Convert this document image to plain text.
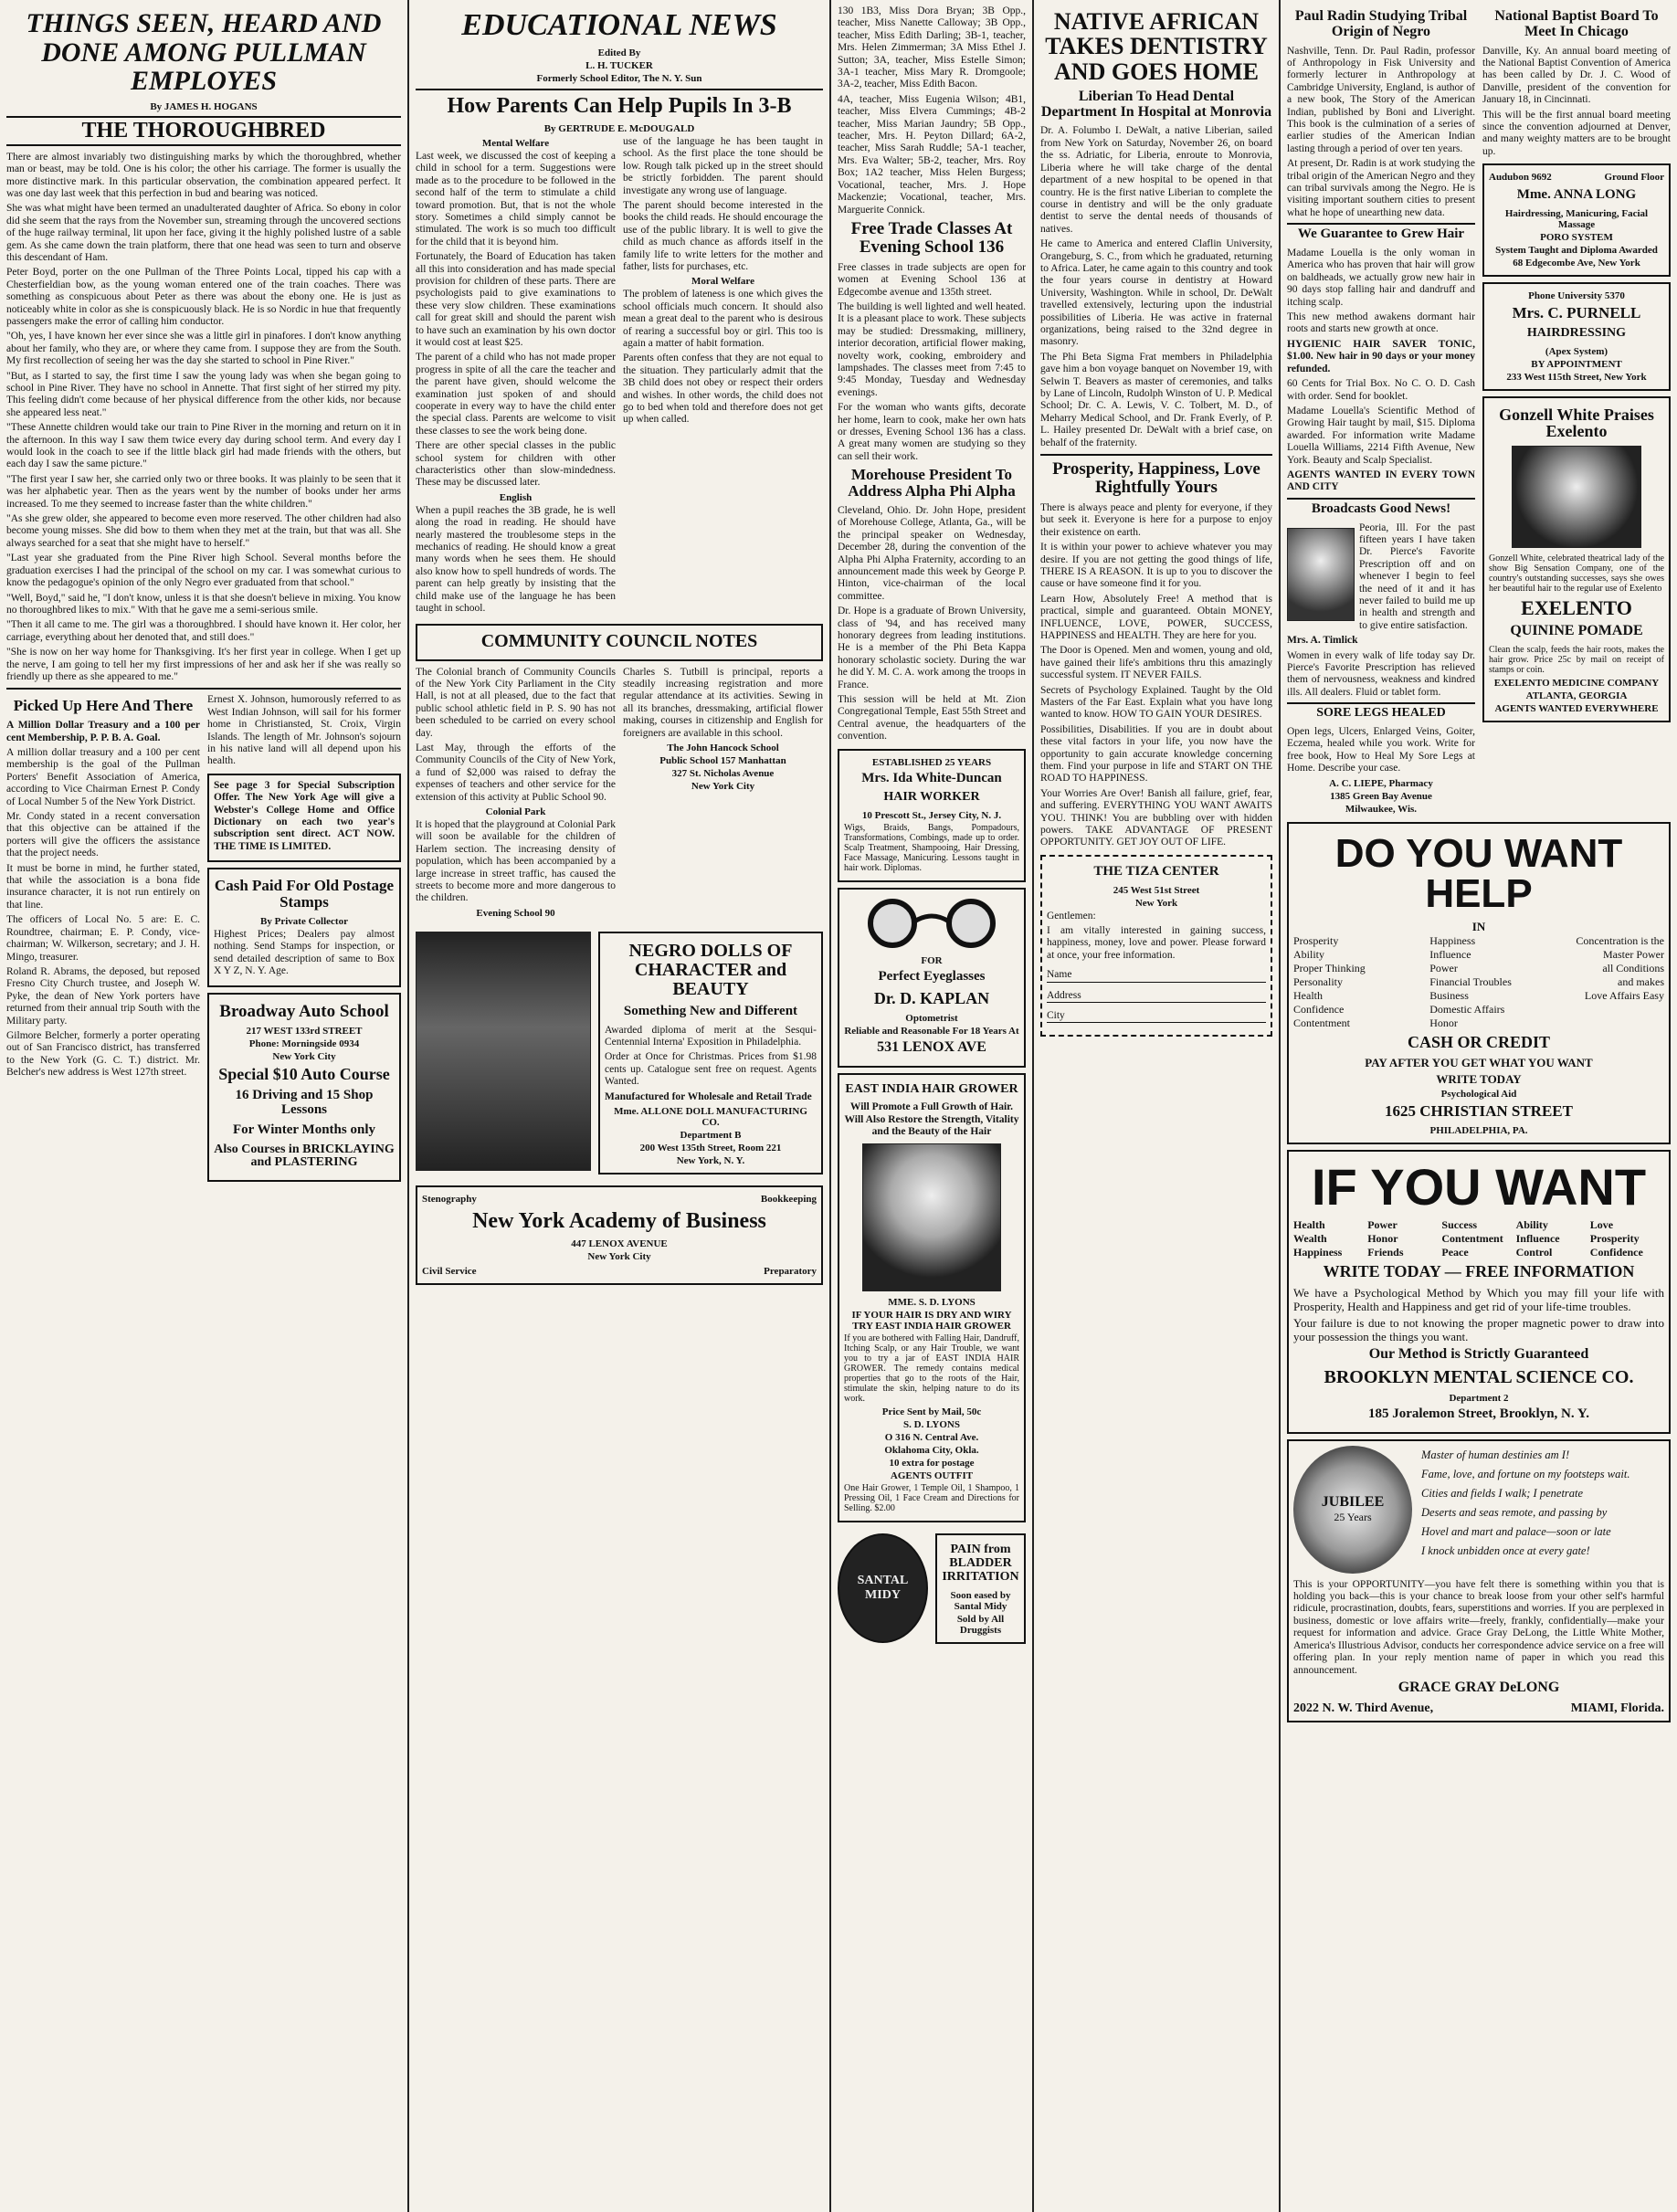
THINGS SEEN, HEARD AND DONE AMONG PULLMAN EMPLOYES
By JAMES H. HOGANS
THE THOROUGHBRED

There are almost invariably two distinguishing marks by which the thoroughbred, whether man or beast, may be told. One is his color; the other his carriage. The former is usually the more distinctive mark. In this particular observation, the combination appeared perfect. It was one day last week that this perfection in bud and bearing was noticed.

She was what might have been termed an unadulterated daughter of Africa. So ebony in color did she seem that the rays from the November sun, streaming through the uncovered sections of the huge railway terminal, lit upon her face, giving it the highly polished lustre of a sable gem. As she came down the train platform, there that one head was seen to turn and observe this descendant of Ham.

Peter Boyd, porter on the one Pullman of the Three Points Local, tipped his cap with a Chesterfieldian bow, as the young woman entered one of the train coaches. There was something as conspicuous about Peter as there was about the ebony one. He is just as noticeably white in color as she is conspicuously black. He is so Nordic in hue that frequently passengers make the error of calling him conductor.

"Oh, yes, I have known her ever since she was a little girl in pinafores. I don't know anything about her family, who they are, or where they came from. I suppose they are from the South. My first recollection of seeing her was the day she started to school in Pine River."

"But, as I started to say, the first time I saw the young lady was when she began going to school in Pine River. They have no school in Annette. That first sight of her stirred my pity. This feeling didn't come because of her physical difference from the other kids, nor because she appeared less neat."

"These Annette children would take our train to Pine River in the morning and return on it in the afternoon. In this way I saw them twice every day during school term. And every day I would look in the coach to see if the little black girl had made friends with the others, but each day I saw the same picture."

"The first year I saw her, she carried only two or three books. It was plainly to be seen that it was her alphabetic year. Then as the years went by the number of books under her arms increased. To me they seemed to increase faster than the white children."

"As she grew older, she appeared to become even more reserved. The other children had also become young misses. She did bow to them when they met at the train, but that was all. She always searched for a seat that she might have to herself."

"Last year she graduated from the Pine River high School. Several months before the graduation exercises I had the principal of the school on my car. I was somewhat curious to know the pedagogue's opinion of the only Negro ever graduated from that school."

"Well, Boyd," said he, "I don't know, unless it is that she doesn't believe in mixing. You know no thoroughbred likes to mix." With that he gave me a semi-serious smile.

"Then it all came to me. The girl was a thoroughbred. I should have known it. Her color, her carriage, everything about her denoted that, and still does."

"She is now on her way home for Thanksgiving. It's her first year in college. When I get up the nerve, I am going to tell her my first impressions of her and ask her if she was really so friendly up there as she appeared to me."

Picked Up Here And There

A Million Dollar Treasury and a 100 per cent Membership, P. P. B. A. Goal.

A million dollar treasury and a 100 per cent membership is the goal of the Pullman Porters' Benefit Association of America, according to Vice Chairman Ernest P. Condy of Local Number 5 of the New York District.

Mr. Condy stated in a recent conversation that this objective can be attained if the porters will give the officers the assistance that the project needs.

It must be borne in mind, he further stated, that while the association is a bona fide insurance character, it is not run entirely on that line.

The officers of Local No. 5 are: E. C. Roundtree, chairman; E. P. Condy, vice-chairman; W. Wilkerson, secretary; and J. H. Mingo, treasurer.

Roland R. Abrams, the deposed, but reposed Fresno City Church trustee, and Joseph W. Pyke, the dean of New York porters have returned from their annual trip South with the Military party.

Gilmore Belcher, formerly a porter operating out of San Francisco district, has transferred to the New York (G. C. T.) district. Mr. Belcher's new address is West 127th street.

Ernest X. Johnson, humorously referred to as West Indian Johnson, will sail for his former home in Christiansted, St. Croix, Virgin Islands. The length of Mr. Johnson's sojourn in his native land will all depend upon his health.

See page 3 for Special Subscription Offer. The New York Age will give a Webster's College Home and Office Dictionary on each two year's subscription sent direct. ACT NOW. THE TIME IS LIMITED.

Cash Paid For Old Postage Stamps
By Private Collector

Highest Prices; Dealers pay almost nothing. Send Stamps for inspection, or send detailed description of same to Box X Y Z, N. Y. Age.

Broadway Auto School
217 WEST 133rd STREET
Phone: Morningside 0934
New York City
Special $10 Auto Course
16 Driving and 15 Shop Lessons
For Winter Months only
Also Courses in BRICKLAYING and PLASTERING
EDUCATIONAL NEWS
Edited By
L. H. TUCKER
Formerly School Editor, The N. Y. Sun
How Parents Can Help Pupils In 3-B
By GERTRUDE E. McDOUGALD
Mental Welfare

Last week, we discussed the cost of keeping a child in school for a term. Suggestions were made as to the procedure to be followed in the second half of the term to stimulate a child toward promotion. But, that is not the whole story. Sometimes a child simply cannot be stimulated. The work is so much too difficult for the child that it is beyond him.

Fortunately, the Board of Education has taken all this into consideration and has made special provision for children of these parts. There are psychologists paid to give examinations to these very slow children. These examinations call for great skill and should the parent wish to have such an examination by his own doctor it would cost at least $25.

The parent of a child who has not made proper progress in spite of all the care the teacher and the parent have given, should welcome the examination just spoken of and should cooperate in every way to have the child enter the special class. Parents are welcome to visit these classes to see the work being done.

There are other special classes in the public school system for children with other characteristics other than slow-mindedness. These may be discussed later.

English

When a pupil reaches the 3B grade, he is well along the road in reading. He should have nearly mastered the troublesome steps in the mechanics of reading. He should know a great many words when he sees them. He should also know how to spell hundreds of words. The parent can help greatly by insisting that the child make use of the language he has been taught in school.

use of the language he has been taught in school. As the first place the tone should be low. Rough talk picked up in the street should be strictly forbidden. The parent should investigate any wrong use of language.

The parent should become interested in the books the child reads. He should encourage the use of the public library. It is well to give the child as much chance as affords itself in the family life to write letters for the mother and father, lists for purchases, etc.

Moral Welfare

The problem of lateness is one which gives the school officials much concern. It should also mean a great deal to the parent who is desirous of rearing a successful boy or girl. This too is again a matter of habit formation.

Parents often confess that they are not equal to the situation. They particularly admit that the 3B child does not obey or respect their orders and wishes. In other words, the child does not go to bed when told and therefore does not get up when called.

COMMUNITY COUNCIL NOTES

The Colonial branch of Community Councils of the New York City Parliament in the City Hall, is not at all pleased, due to the fact that public school athletic field in P. S. 90 has not been scheduled to be carried on every school day.

Last May, through the efforts of the Community Councils of the City of New York, a fund of $2,000 was raised to defray the expenses of teachers and other service for the extension of this activity at Public School 90.

Colonial Park

It is hoped that the playground at Colonial Park will soon be available for the children of Harlem section. The increasing density of population, which has been accompanied by a large increase in street traffic, has caused the streets to become more and more dangerous to the children.

Evening School 90

Charles S. Tutbill is principal, reports a steadily increasing registration and more regular attendance at its activities. Sewing in all its branches, dressmaking, artificial flower making, courses in citizenship and English for foreigners are available in this school.

The John Hancock School
Public School 157 Manhattan
327 St. Nicholas Avenue
New York City
NEGRO DOLLS OF CHARACTER and BEAUTY
Something New and Different

Awarded diploma of merit at the Sesqui-Centennial Interna' Exposition in Philadelphia.

Order at Once for Christmas. Prices from $1.98 cents up. Catalogue sent free on request. Agents Wanted.

Manufactured for Wholesale and Retail Trade

Mme. ALLONE DOLL MANUFACTURING CO.
Department B
200 West 135th Street, Room 221
New York, N. Y.
Stenography	Bookkeeping
New York Academy of Business
447 LENOX AVENUE
New York City
Civil Service	Preparatory

130 1B3, Miss Dora Bryan; 3B Opp., teacher, Miss Nanette Calloway; 3B Opp., teacher, Miss Edith Darling; 3B-1, teacher, Mrs. Helen Zimmerman; 3A Miss Ethel J. Sutton; 3A, teacher, Miss Estelle Simon; 3A-1 teacher, Miss Mary R. Dromgoole; 3A-2, teacher, Miss Edith Bacon.

4A, teacher, Miss Eugenia Wilson; 4B1, teacher, Miss Elvera Cummings; 4B-2 teacher, Miss Marian Jaundry; 5B Opp., teacher, Mrs. H. Peyton Dillard; 6A-2, teacher, Miss Sarah Ruddle; 5A-1 teacher, Mrs. Eva Walter; 5B-2, teacher, Mrs. Roy Box; 1A2 teacher, Miss Helen Burgess; Vocational, teacher, Mrs. J. Hope Mackenzie; Vocational, teacher, Mrs. Marguerite Connick.

Free Trade Classes At Evening School 136

Free classes in trade subjects are open for women at Evening School 136 at Edgecombe avenue and 135th street.

The building is well lighted and well heated. It is a pleasant place to work. These subjects may be studied: Dressmaking, millinery, interior decoration, artificial flower making, novelty work, cooking, embroidery and lampshades. The classes meet from 7:45 to 9:45 Monday, Tuesday and Wednesday evenings.

For the woman who wants gifts, decorate her home, learn to cook, make her own hats or dresses, Evening School 136 has a class. A great many women are studying so they can sell their work.

Morehouse President To Address Alpha Phi Alpha

Cleveland, Ohio. Dr. John Hope, president of Morehouse College, Atlanta, Ga., will be the principal speaker on Wednesday, December 28, during the convention of the Alpha Phi Alpha Fraternity, according to an announcement made this week by George P. Hinton, vice-chairman of the local committee.

Dr. Hope is a graduate of Brown University, class of '94, and has received many honorary degrees from leading institutions. He is a member of the Phi Beta Kappa honorary scholastic society. During the war he did Y. M. C. A. work among the troops in France.

This session will be held at Mt. Zion Congregational Temple, East 55th Street and Central avenue, the headquarters of the convention.

ESTABLISHED 25 YEARS
Mrs. Ida White-Duncan
HAIR WORKER
10 Prescott St., Jersey City, N. J.

Wigs, Braids, Bangs, Pompadours, Transformations, Combings, made up to order. Scalp Treatment, Shampooing, Hair Dressing, Face Massage, Manicuring. Lessons taught in hair work. Diplomas.

FOR
Perfect Eyeglasses
Dr. D. KAPLAN
Optometrist
Reliable and Reasonable For 18 Years At
531 LENOX AVE
EAST INDIA HAIR GROWER

Will Promote a Full Growth of Hair. Will Also Restore the Strength, Vitality and the Beauty of the Hair

MME. S. D. LYONS
IF YOUR HAIR IS DRY AND WIRY TRY EAST INDIA HAIR GROWER

If you are bothered with Falling Hair, Dandruff, Itching Scalp, or any Hair Trouble, we want you to try a jar of EAST INDIA HAIR GROWER. The remedy contains medical properties that go to the roots of the Hair, stimulate the skin, helping nature to do its work.

Price Sent by Mail, 50c
S. D. LYONS
O 316 N. Central Ave.
Oklahoma City, Okla.
10 extra for postage
AGENTS OUTFIT

One Hair Grower, 1 Temple Oil, 1 Shampoo, 1 Pressing Oil, 1 Face Cream and Directions for Selling. $2.00

SANTAL MIDY
PAIN from BLADDER IRRITATION
Soon eased by Santal Midy
Sold by All Druggists
NATIVE AFRICAN TAKES DENTISTRY AND GOES HOME
Liberian To Head Dental Department In Hospital at Monrovia

Dr. A. Folumbo I. DeWalt, a native Liberian, sailed from New York on Saturday, November 26, on board the ss. Adriatic, for Liberia, enroute to Monrovia, Liberia where he will take charge of the dental department of a new hospital to be opened in that country. He is the first native Liberian to complete the course in dentistry and will be the only graduate dentist to serve the dental needs of thousands of natives.

He came to America and entered Claflin University, Orangeburg, S. C., from which he graduated, returning to Africa. Later, he came again to this country and took the four years course in dentistry at Howard University, Washington. While in school, Dr. DeWalt travelled extensively, lecturing upon the industrial possibilities of Liberia. He was active in fraternal organizations, being raised to the 32nd degree in masonry.

The Phi Beta Sigma Frat members in Philadelphia gave him a bon voyage banquet on November 19, with Selwin T. Beavers as master of ceremonies, and talks by Lane of Lincoln, Rudolph Winston of U. P. Medical School; Dr. C. A. Lewis, V. C. Tolbert, M. D., of Meharry Medical School, and Dr. Frank Everly, of P. L. Hailey presented Dr. DeWalt with a brief case, on behalf of the fraternity.

Prosperity, Happiness, Love Rightfully Yours

There is always peace and plenty for everyone, if they but seek it. Everyone is here for a purpose to enjoy their existence on earth.

It is within your power to achieve whatever you may desire. If you are not getting the good things of life, THERE IS A REASON. It is up to you to discover the cause or have someone find it for you.

Learn How, Absolutely Free! A method that is practical, simple and guaranteed. Obtain MONEY, INFLUENCE, LOVE, POWER, SUCCESS, HAPPINESS and HEALTH. They are here for you.

The Door is Opened. Men and women, young and old, have gained their life's ambitions thru this amazingly successful system. IT NEVER FAILS.

Secrets of Psychology Explained. Taught by the Old Masters of the Far East. Explain what you have long wanted to know. HOW TO GAIN YOUR DESIRES.

Possibilities, Disabilities. If you are in doubt about these vital factors in your life, you now have the opportunity to gain accurate knowledge concerning them. Find your purpose in life and START ON THE ROAD TO HAPPINESS.

Your Worries Are Over! Banish all failure, grief, fear, and suffering. EVERYTHING YOU WANT AWAITS YOU. THINK! You are bubbling over with hidden powers. TAKE ADVANTAGE OF PRESENT OPPORTUNITY. GET JOY OUT OF LIFE.

THE TIZA CENTER
245 West 51st Street
New York

Gentlemen:

I am vitally interested in gaining success, happiness, money, love and power. Please forward at once, your free information.

Name
Address
City
Paul Radin Studying Tribal Origin of Negro

Nashville, Tenn. Dr. Paul Radin, professor of Anthropology in Fisk University and formerly lecturer in Anthropology at Cambridge University, England, is author of a new book, The Story of the American Indian, published by Boni and Liveright. This book is the culmination of a series of earlier studies of the American Indian lasting through a period of over ten years.

At present, Dr. Radin is at work studying the tribal origin of the American Negro and they can tribal survivals among the Negro. He is visiting important southern cities to present what he hope of unearthing new data.

We Guarantee to Grew Hair

Madame Louella is the only woman in America who has proven that hair will grow on baldheads, we actually grow new hair in 90 days stop falling hair and dandruff and itching scalp.

This new method awakens dormant hair roots and starts new growth at once.

HYGIENIC HAIR SAVER TONIC, $1.00. New hair in 90 days or your money refunded.

60 Cents for Trial Box. No C. O. D. Cash with order. Send for booklet.

Madame Louella's Scientific Method of Growing Hair taught by mail, $15. Diploma awarded. For information write Madame Louella Williams, 2214 Fifth Avenue, New York. Beauty and Scalp Specialist.

AGENTS WANTED IN EVERY TOWN AND CITY

Broadcasts Good News!

Peoria, Ill. For the past fifteen years I have taken Dr. Pierce's Favorite Prescription off and on whenever I begin to feel the need of it and it has never failed to build me up in health and strength and to give entire satisfaction.

Mrs. A. Timlick

Women in every walk of life today say Dr. Pierce's Favorite Prescription has relieved them of nervousness, weakness and kindred ills. All dealers. Fluid or tablet form.

SORE LEGS HEALED

Open legs, Ulcers, Enlarged Veins, Goiter, Eczema, healed while you work. Write for free book, How to Heal My Sore Legs at Home. Describe your case.

A. C. LIEPE, Pharmacy
1385 Green Bay Avenue
Milwaukee, Wis.
National Baptist Board To Meet In Chicago

Danville, Ky. An annual board meeting of the National Baptist Convention of America has been called by Dr. J. C. Wood of Danville, president of the convention for January 18, in Cincinnati.

This will be the first annual board meeting since the convention adjourned at Denver, and many weighty matters are to be brought up.

Audubon 9692	Ground Floor
Mme. ANNA LONG
Hairdressing, Manicuring, Facial Massage
PORO SYSTEM
System Taught and Diploma Awarded
68 Edgecombe Ave, New York
Phone University 5370
Mrs. C. PURNELL
HAIRDRESSING
(Apex System)
BY APPOINTMENT
233 West 115th Street, New York
Gonzell White Praises Exelento

Gonzell White, celebrated theatrical lady of the show Big Sensation Company, one of the country's outstanding successes, says she owes her beautiful hair to the regular use of Exelento

EXELENTO
QUININE POMADE

Clean the scalp, feeds the hair roots, makes the hair grow. Price 25c by mail on receipt of stamps or coin.

EXELENTO MEDICINE COMPANY
ATLANTA, GEORGIA
AGENTS WANTED EVERYWHERE
DO YOU WANT HELP
IN
Prosperity
Ability
Proper Thinking
Personality
Health
Confidence
Contentment
Happiness
Influence
Power
Financial Troubles
Business
Domestic Affairs
Honor
Concentration is the
Master Power
all Conditions
and makes
Love Affairs Easy
CASH OR CREDIT
PAY AFTER YOU GET WHAT YOU WANT
WRITE TODAY
Psychological Aid
1625 CHRISTIAN STREET
PHILADELPHIA, PA.
IF YOU WANT
Health	Power	Success	Ability	Love
Wealth	Honor	Contentment	Influence	Prosperity
Happiness	Friends	Peace	Control	Confidence
WRITE TODAY — FREE INFORMATION

We have a Psychological Method by Which you may fill your life with Prosperity, Health and Happiness and get rid of your life-time troubles.

Your failure is due to not knowing the proper magnetic power to draw into your possession the things you want.

Our Method is Strictly Guaranteed
BROOKLYN MENTAL SCIENCE CO.
Department 2
185 Joralemon Street, Brooklyn, N. Y.
JUBILEE
25 Years
Master of human destinies am I!
Fame, love, and fortune on my footsteps wait.
Cities and fields I walk; I penetrate
Deserts and seas remote, and passing by
Hovel and mart and palace—soon or late
I knock unbidden once at every gate!

This is your OPPORTUNITY—you have felt there is something within you that is holding you back—this is your chance to break loose from your other self's harmful ridicule, procrastination, doubts, fears, superstitions and worries. If you are perplexed in business, domestic or love affairs write—freely, frankly, confidentially—make your request for information and advice. Grace Gray DeLong, the Little White Mother, America's Illustrious Advisor, conducts her correspondence advice service on a free will offering plan. In your reply mention name of paper in which you read this announcement.

GRACE GRAY DeLONG
2022 N. W. Third Avenue,	MIAMI, Florida.
